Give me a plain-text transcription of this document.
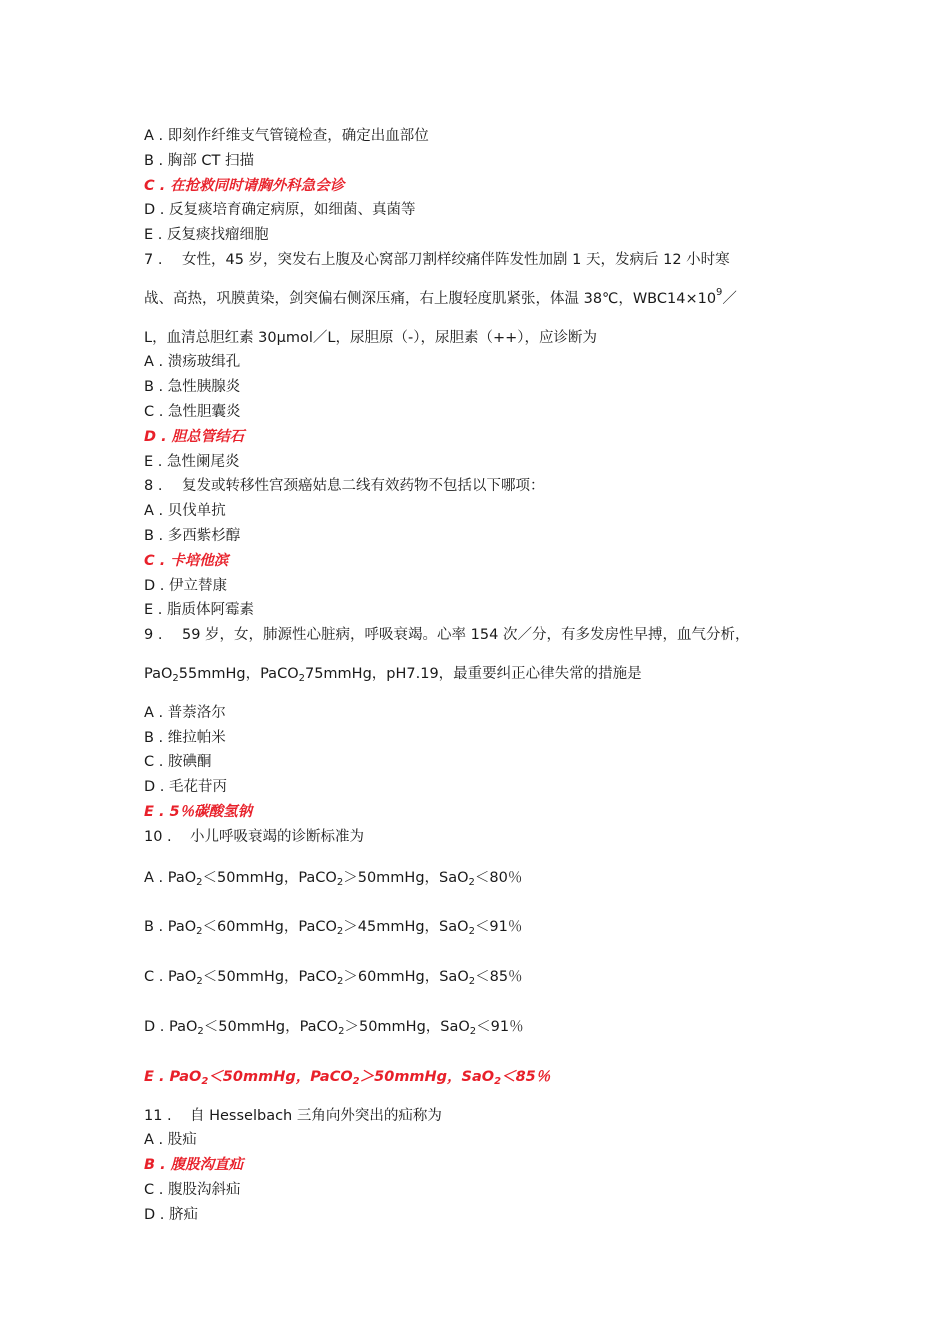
A . 即刻作纤维支气管镜检查，确定出血部位
B . 胸部 CT 扫描
C . 在抢救同时请胸外科急会诊
D . 反复痰培育确定病原，如细菌、真菌等
E . 反复痰找瘤细胞
7 . 女性，45 岁，突发右上腹及心窝部刀割样绞痛伴阵发性加剧 1 天，发病后 12 小时寒
战、高热，巩膜黄染，剑突偏右侧深压痛，右上腹轻度肌紧张，体温 38℃，$WBC14\times 10^9/$
L，血清总胆红素 30μmol／L，尿胆原（-），尿胆素（++），应诊断为
A . 溃疡玻缉孔
B . 急性胰腺炎
C . 急性胆囊炎
D . 胆总管结石
E . 急性阑尾炎
8 . 复发或转移性宫颈癌姑息二线有效药物不包括以下哪项：
A . 贝伐单抗
B . 多西紫杉醇
C . 卡培他滨
D . 伊立替康
E . 脂质体阿霉素
9 . 59 岁，女，肺源性心脏病，呼吸衰竭。心率 154 次／分，有多发房性早搏，血气分析，
PaO$_2$55mmHg，PaCO$_2$75mmHg，pH7.19，最重要纠正心律失常的措施是
A . 普萘洛尔
B . 维拉帕米
C . 胺碘酮
D . 毛花苷丙
E . 5％碳酸氢钠
10 . 小儿呼吸衰竭的诊断标准为
A . PaO$_2$＜50mmHg，PaCO$_2$＞50mmHg，SaO$_2$＜80％
B . PaO$_2$＜60mmHg，PaCO$_2$＞45mmHg，SaO$_2$＜91％
C . PaO$_2$＜50mmHg，PaCO$_2$＞60mmHg，SaO$_2$＜85％
D . PaO$_2$＜50mmHg，PaCO$_2$＞50mmHg，SaO$_2$＜91％
E . PaO$_2$＜50mmHg，PaCO$_2$＞50mmHg，SaO$_2$＜85％
11 . 自 Hesselbach 三角向外突出的疝称为
A . 股疝
B . 腹股沟直疝
C . 腹股沟斜疝
D . 脐疝
